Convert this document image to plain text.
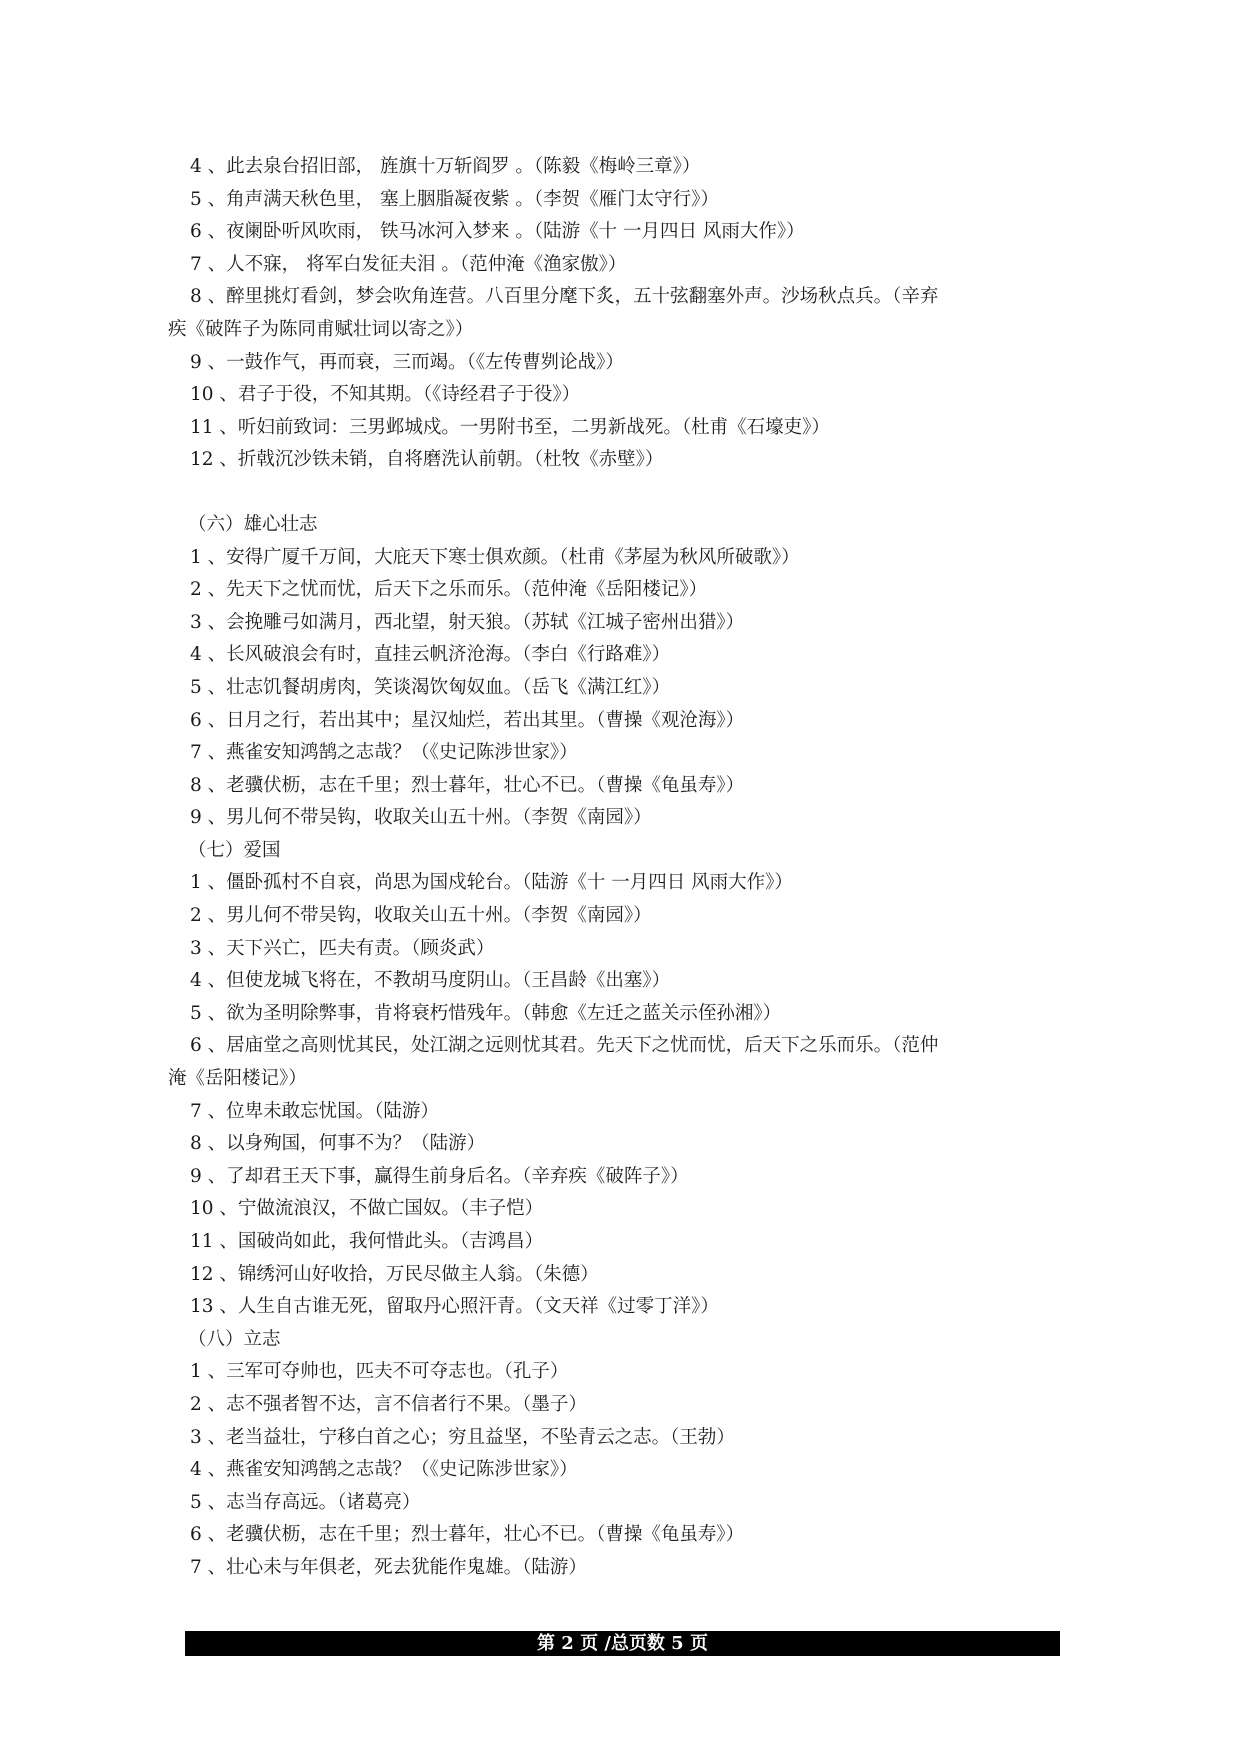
4 、此去泉台招旧部， 旌旗十万斩阎罗 。（陈毅《梅岭三章》）
5 、角声满天秋色里， 塞上胭脂凝夜紫 。（李贺《雁门太守行》）
6 、夜阑卧听风吹雨， 铁马冰河入梦来 。（陆游《十 一月四日 风雨大作》）
7 、人不寐， 将军白发征夫泪 。（范仲淹《渔家傲》）
8 、醉里挑灯看剑，梦会吹角连营。八百里分麾下炙，五十弦翻塞外声。沙场秋点兵。（辛弃
疾《破阵子为陈同甫赋壮词以寄之》）
9 、一鼓作气，再而衰，三而竭。（《左传曹刿论战》）
10 、君子于役，不知其期。（《诗经君子于役》）
11 、听妇前致词：三男邺城戍。一男附书至，二男新战死。（杜甫《石壕吏》）
12 、折戟沉沙铁未销，自将磨洗认前朝。（杜牧《赤壁》）
（六）雄心壮志
1 、安得广厦千万间，大庇天下寒士俱欢颜。（杜甫《茅屋为秋风所破歌》）
2 、先天下之忧而忧，后天下之乐而乐。（范仲淹《岳阳楼记》）
3 、会挽雕弓如满月，西北望，射天狼。（苏轼《江城子密州出猎》）
4 、长风破浪会有时，直挂云帆济沧海。（李白《行路难》）
5 、壮志饥餐胡虏肉，笑谈渴饮匈奴血。（岳飞《满江红》）
6 、日月之行，若出其中；星汉灿烂，若出其里。（曹操《观沧海》）
7 、燕雀安知鸿鹄之志哉？（《史记陈涉世家》）
8 、老骥伏枥，志在千里；烈士暮年，壮心不已。（曹操《龟虽寿》）
9 、男儿何不带吴钩，收取关山五十州。（李贺《南园》）
（七）爱国
1 、僵卧孤村不自哀，尚思为国戍轮台。（陆游《十 一月四日 风雨大作》）
2 、男儿何不带吴钩，收取关山五十州。（李贺《南园》）
3 、天下兴亡，匹夫有责。（顾炎武）
4 、但使龙城飞将在，不教胡马度阴山。（王昌龄《出塞》）
5 、欲为圣明除弊事，肯将衰朽惜残年。（韩愈《左迁之蓝关示侄孙湘》）
6 、居庙堂之高则忧其民，处江湖之远则忧其君。先天下之忧而忧，后天下之乐而乐。（范仲
淹《岳阳楼记》）
7 、位卑未敢忘忧国。（陆游）
8 、以身殉国，何事不为？（陆游）
9 、了却君王天下事，赢得生前身后名。（辛弃疾《破阵子》）
10 、宁做流浪汉，不做亡国奴。（丰子恺）
11 、国破尚如此，我何惜此头。（吉鸿昌）
12 、锦绣河山好收拾，万民尽做主人翁。（朱德）
13 、人生自古谁无死，留取丹心照汗青。（文天祥《过零丁洋》）
（八）立志
1 、三军可夺帅也，匹夫不可夺志也。（孔子）
2 、志不强者智不达，言不信者行不果。（墨子）
3 、老当益壮，宁移白首之心；穷且益坚，不坠青云之志。（王勃）
4 、燕雀安知鸿鹄之志哉？（《史记陈涉世家》）
5 、志当存高远。（诸葛亮）
6 、老骥伏枥，志在千里；烈士暮年，壮心不已。（曹操《龟虽寿》）
7 、壮心未与年俱老，死去犹能作鬼雄。（陆游）
第 2 页 /总页数 5 页
